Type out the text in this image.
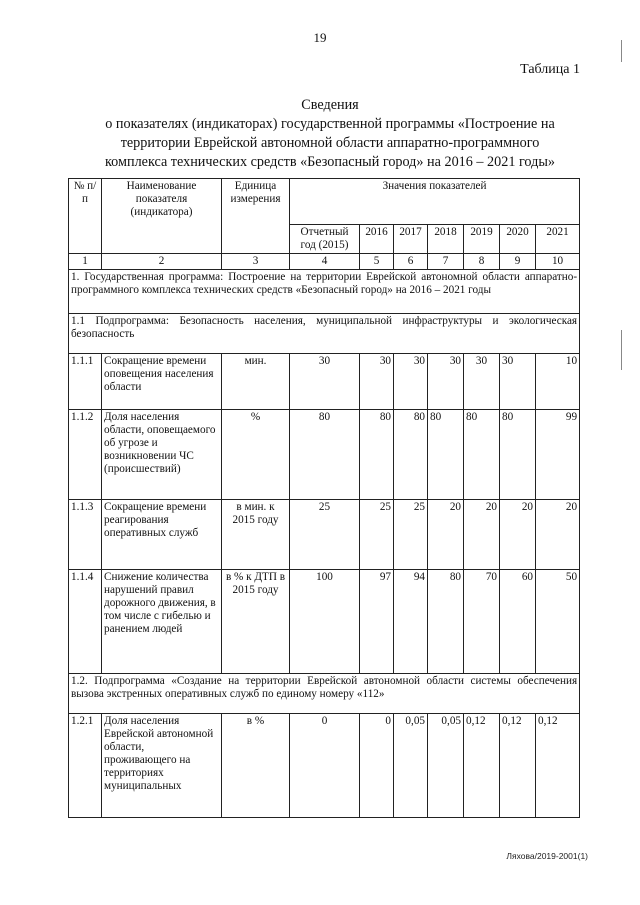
19
Таблица 1
Сведения
о показателях (индикаторах) государственной программы «Построение на
территории Еврейской автономной области аппаратно-программного
комплекса технических средств «Безопасный город» на 2016 – 2021 годы»
№ п/п	Наименование показателя (индикатора)	Единица измерения	Значения показателей						
			Отчетный год (2015)	2016	2017	2018	2019	2020	2021
1	2	3	4	5	6	7	8	9	10
1. Государственная программа: Построение на территории Еврейской автономной области аппаратно-программного комплекса технических средств «Безопасный город» на 2016 – 2021 годы									
1.1 Подпрограмма: Безопасность населения, муниципальной инфраструктуры и экологическая безопасность									
1.1.1	Сокращение времени оповещения населения области	мин.	30	30	30	30	30	30	10
1.1.2	Доля населения области, оповещаемого об угрозе и возникновении ЧС (происшествий)	%	80	80	80	80	80	80	99
1.1.3	Сокращение времени реагирования оперативных служб	в мин. к 2015 году	25	25	25	20	20	20	20
1.1.4	Снижение количества нарушений правил дорожного движения, в том числе с гибелью и ранением людей	в % к ДТП в 2015 году	100	97	94	80	70	60	50
1.2. Подпрограмма «Создание на территории Еврейской автономной области системы обеспечения вызова экстренных оперативных служб по единому номеру «112»									
1.2.1	Доля населения Еврейской автономной области, проживающего на территориях муниципальных	в %	0	0	0,05	0,05	0,12	0,12	0,12
Ляхова/2019-2001(1)
